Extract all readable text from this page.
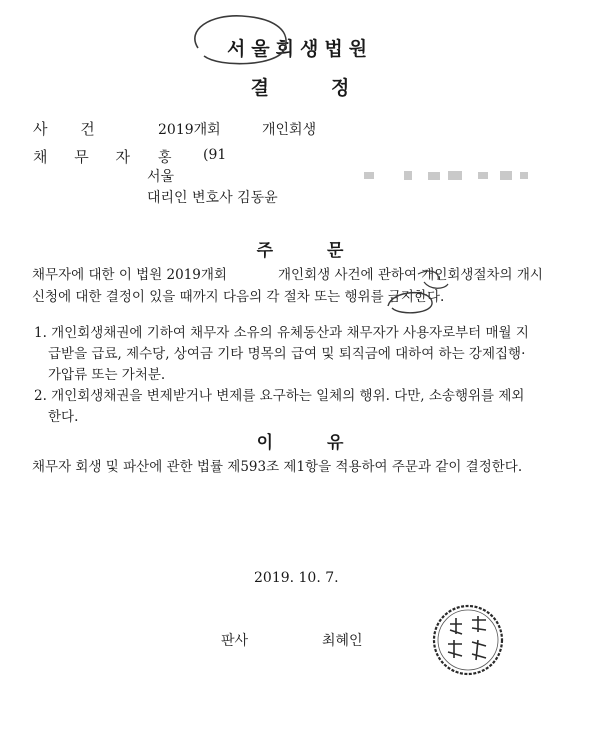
서울회생법원
결	정
사 건	2019개회	개인회생
채 무 자 홍 (91
서울
대리인 변호사 김동윤
주	문
채무자에 대한 이 법원 2019개회	개인회생 사건에 관하여 개인회생절차의 개시
신청에 대한 결정이 있을 때까지 다음의 각 절차 또는 행위를 금지한다.
1. 개인회생채권에 기하여 채무자 소유의 유체동산과 채무자가 사용자로부터 매월 지
급받을 급료, 제수당, 상여금 기타 명목의 급여 및 퇴직금에 대하여 하는 강제집행·
가압류 또는 가처분.
2. 개인회생채권을 변제받거나 변제를 요구하는 일체의 행위. 다만, 소송행위를 제외
한다.
이	유
채무자 회생 및 파산에 관한 법률 제593조 제1항을 적용하여 주문과 같이 결정한다.
2019. 10. 7.
판사	최혜인
